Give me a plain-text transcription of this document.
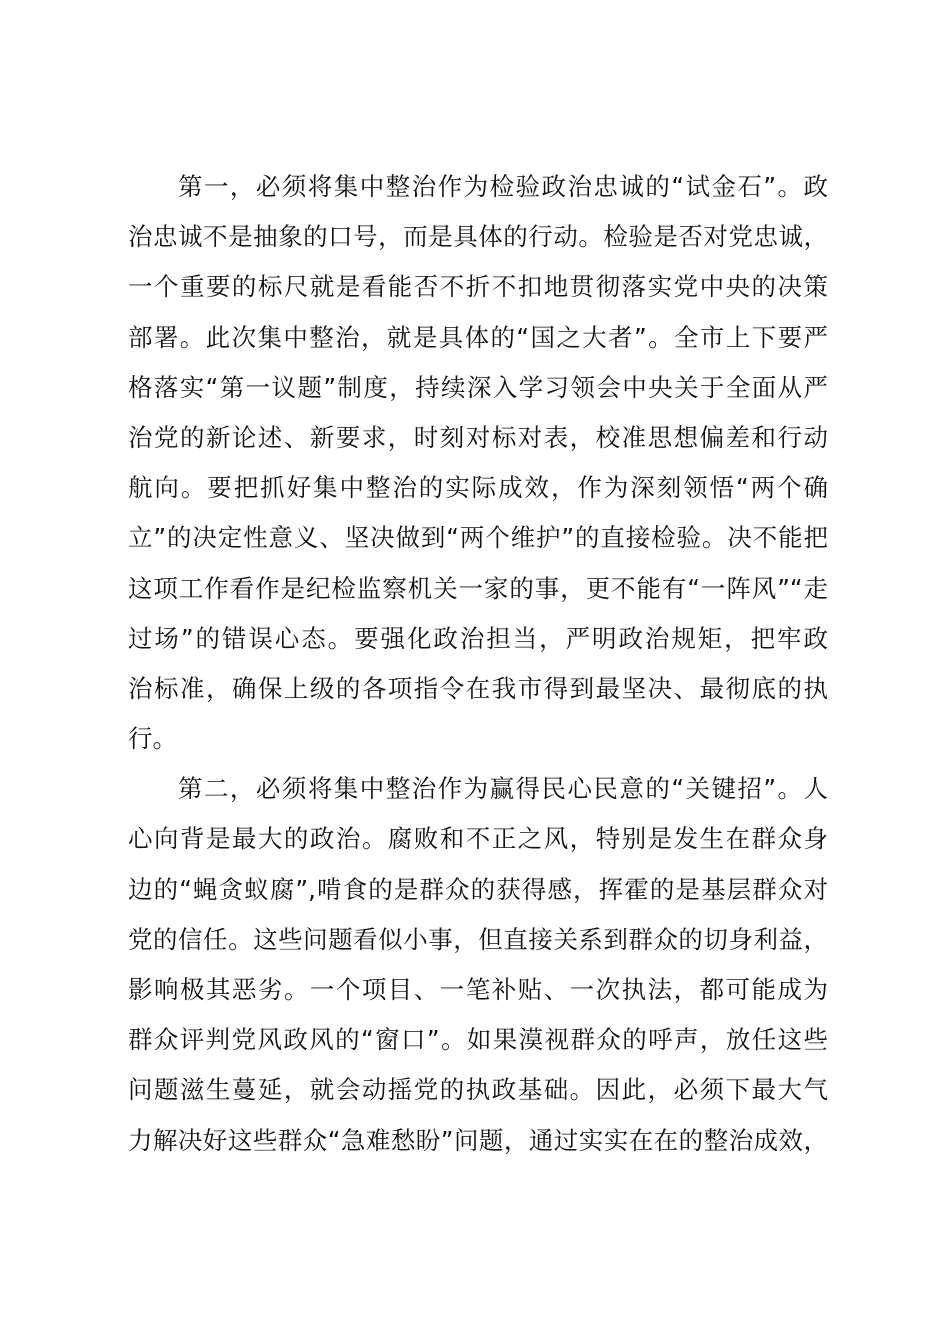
第一，必须将集中整治作为检验政治忠诚的“试金石”。政
治忠诚不是抽象的口号，而是具体的行动。检验是否对党忠诚，
一个重要的标尺就是看能否不折不扣地贯彻落实党中央的决策
部署。此次集中整治，就是具体的“国之大者”。全市上下要严
格落实“第一议题”制度，持续深入学习领会中央关于全面从严
治党的新论述、新要求，时刻对标对表，校准思想偏差和行动
航向。要把抓好集中整治的实际成效，作为深刻领悟“两个确
立”的决定性意义、坚决做到“两个维护”的直接检验。决不能把
这项工作看作是纪检监察机关一家的事，更不能有“一阵风”“走
过场”的错误心态。要强化政治担当，严明政治规矩，把牢政
治标准，确保上级的各项指令在我市得到最坚决、最彻底的执
行。
第二，必须将集中整治作为赢得民心民意的“关键招”。人
心向背是最大的政治。腐败和不正之风，特别是发生在群众身
边的“蝇贪蚁腐”,啃食的是群众的获得感，挥霍的是基层群众对
党的信任。这些问题看似小事，但直接关系到群众的切身利益，
影响极其恶劣。一个项目、一笔补贴、一次执法，都可能成为
群众评判党风政风的“窗口”。如果漠视群众的呼声，放任这些
问题滋生蔓延，就会动摇党的执政基础。因此，必须下最大气
力解决好这些群众“急难愁盼”问题，通过实实在在的整治成效，
